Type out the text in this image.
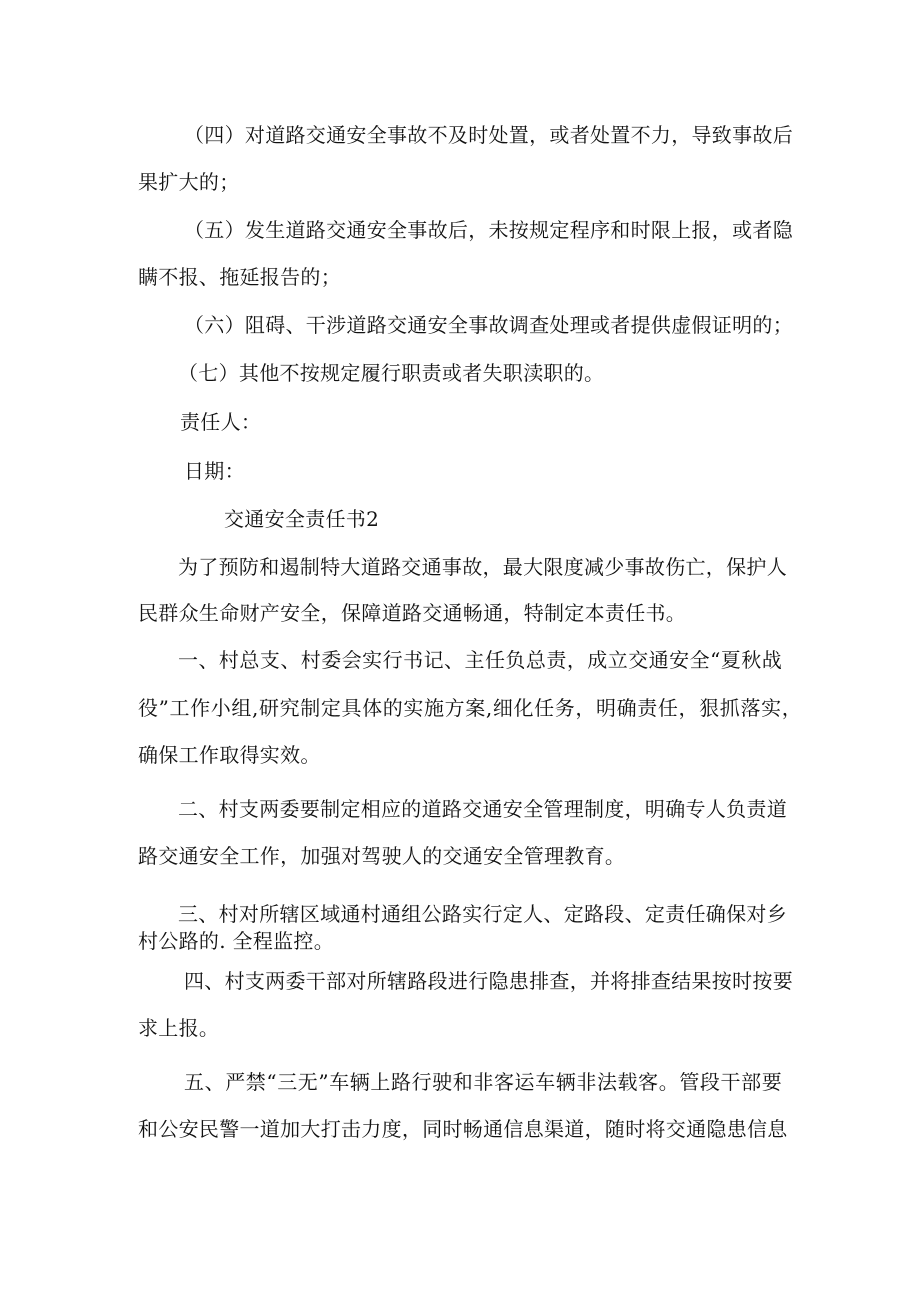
（四）对道路交通安全事故不及时处置，或者处置不力，导致事故后

果扩大的；

（五）发生道路交通安全事故后，未按规定程序和时限上报，或者隐

瞒不报、拖延报告的；

（六）阻碍、干涉道路交通安全事故调查处理或者提供虚假证明的；

（七）其他不按规定履行职责或者失职渎职的。

责任人：

日期：

交通安全责任书2

为了预防和遏制特大道路交通事故，最大限度减少事故伤亡，保护人

民群众生命财产安全，保障道路交通畅通，特制定本责任书。

一、村总支、村委会实行书记、主任负总责，成立交通安全“夏秋战

役”工作小组,研究制定具体的实施方案,细化任务，明确责任，狠抓落实，

确保工作取得实效。

二、村支两委要制定相应的道路交通安全管理制度，明确专人负责道

路交通安全工作，加强对驾驶人的交通安全管理教育。

三、村对所辖区域通村通组公路实行定人、定路段、定责任确保对乡

村公路的. 全程监控。

四、村支两委干部对所辖路段进行隐患排查，并将排查结果按时按要

求上报。

五、严禁“三无”车辆上路行驶和非客运车辆非法载客。管段干部要

和公安民警一道加大打击力度，同时畅通信息渠道，随时将交通隐患信息
